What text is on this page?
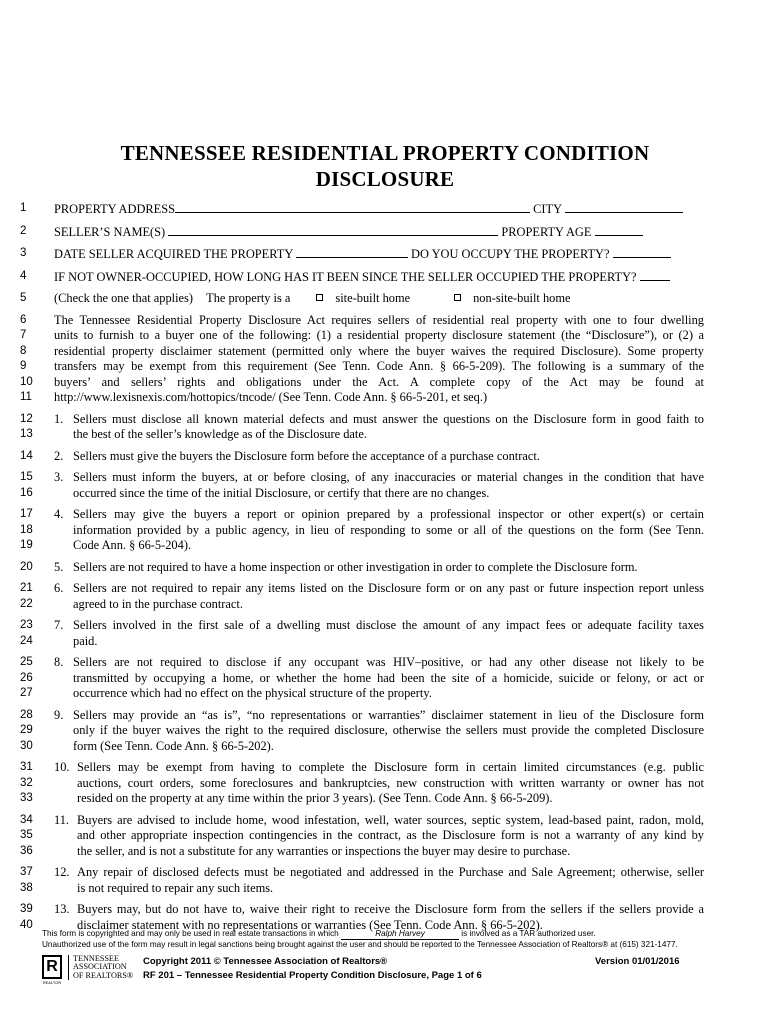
TENNESSEE RESIDENTIAL PROPERTY CONDITION
DISCLOSURE
1	PROPERTY ADDRESS	CITY
2	SELLER’S NAME(S)	PROPERTY AGE
3	DATE SELLER ACQUIRED THE PROPERTY	DO YOU OCCUPY THE PROPERTY?
4	IF NOT OWNER-OCCUPIED, HOW LONG HAS IT BEEN SINCE THE SELLER OCCUPIED THE PROPERTY?
5	(Check the one that applies) The property is a	site-built home	non-site-built home
6
7
8
9
10
11
The Tennessee Residential Property Disclosure Act requires sellers of residential real property with one to four dwelling
units to furnish to a buyer one of the following: (1) a residential property disclosure statement (the “Disclosure”), or (2) a
residential property disclaimer statement (permitted only where the buyer waives the required Disclosure). Some property
transfers may be exempt from this requirement (See Tenn. Code Ann. § 66-5-209). The following is a summary of the
buyers’ and sellers’ rights and obligations under the Act. A complete copy of the Act may be found at
http://www.lexisnexis.com/hottopics/tncode/ (See Tenn. Code Ann. § 66-5-201, et seq.)
12
13
1. Sellers must disclose all known material defects and must answer the questions on the Disclosure form in good faith to
the best of the seller’s knowledge as of the Disclosure date.
14	2. Sellers must give the buyers the Disclosure form before the acceptance of a purchase contract.
15
16
3. Sellers must inform the buyers, at or before closing, of any inaccuracies or material changes in the condition that have
occurred since the time of the initial Disclosure, or certify that there are no changes.
17
18
19
4. Sellers may give the buyers a report or opinion prepared by a professional inspector or other expert(s) or certain
information provided by a public agency, in lieu of responding to some or all of the questions on the form (See Tenn.
Code Ann. § 66-5-204).
20	5. Sellers are not required to have a home inspection or other investigation in order to complete the Disclosure form.
21
22
6. Sellers are not required to repair any items listed on the Disclosure form or on any past or future inspection report unless
agreed to in the purchase contract.
23
24
7. Sellers involved in the first sale of a dwelling must disclose the amount of any impact fees or adequate facility taxes
paid.
25
26
27
8. Sellers are not required to disclose if any occupant was HIV–positive, or had any other disease not likely to be
transmitted by occupying a home, or whether the home had been the site of a homicide, suicide or felony, or act or
occurrence which had no effect on the physical structure of the property.
28
29
30
9. Sellers may provide an “as is”, “no representations or warranties” disclaimer statement in lieu of the Disclosure form
only if the buyer waives the right to the required disclosure, otherwise the sellers must provide the completed Disclosure
form (See Tenn. Code Ann. § 66-5-202).
31
32
33
10. Sellers may be exempt from having to complete the Disclosure form in certain limited circumstances (e.g. public
auctions, court orders, some foreclosures and bankruptcies, new construction with written warranty or owner has not
resided on the property at any time within the prior 3 years). (See Tenn. Code Ann. § 66-5-209).
34
35
36
11. Buyers are advised to include home, wood infestation, well, water sources, septic system, lead-based paint, radon, mold,
and other appropriate inspection contingencies in the contract, as the Disclosure form is not a warranty of any kind by
the seller, and is not a substitute for any warranties or inspections the buyer may desire to purchase.
37
38
12. Any repair of disclosed defects must be negotiated and addressed in the Purchase and Sale Agreement; otherwise, seller
is not required to repair any such items.
39
40
13. Buyers may, but do not have to, waive their right to receive the Disclosure form from the sellers if the sellers provide a
disclaimer statement with no representations or warranties (See Tenn. Code Ann. § 66-5-202).
This form is copyrighted and may only be used in real estate transactions in which	Ralph Harvey	is involved as a TAR authorized user.
Unauthorized use of the form may result in legal sanctions being brought against the user and should be reported to the Tennessee Association of Realtors® at (615) 321-1477.
R
REALTOR
TENNESSEE
ASSOCIATION
OF REALTORS®
Copyright 2011 © Tennessee Association of Realtors®
RF 201 – Tennessee Residential Property Condition Disclosure, Page 1 of 6
Version 01/01/2016
